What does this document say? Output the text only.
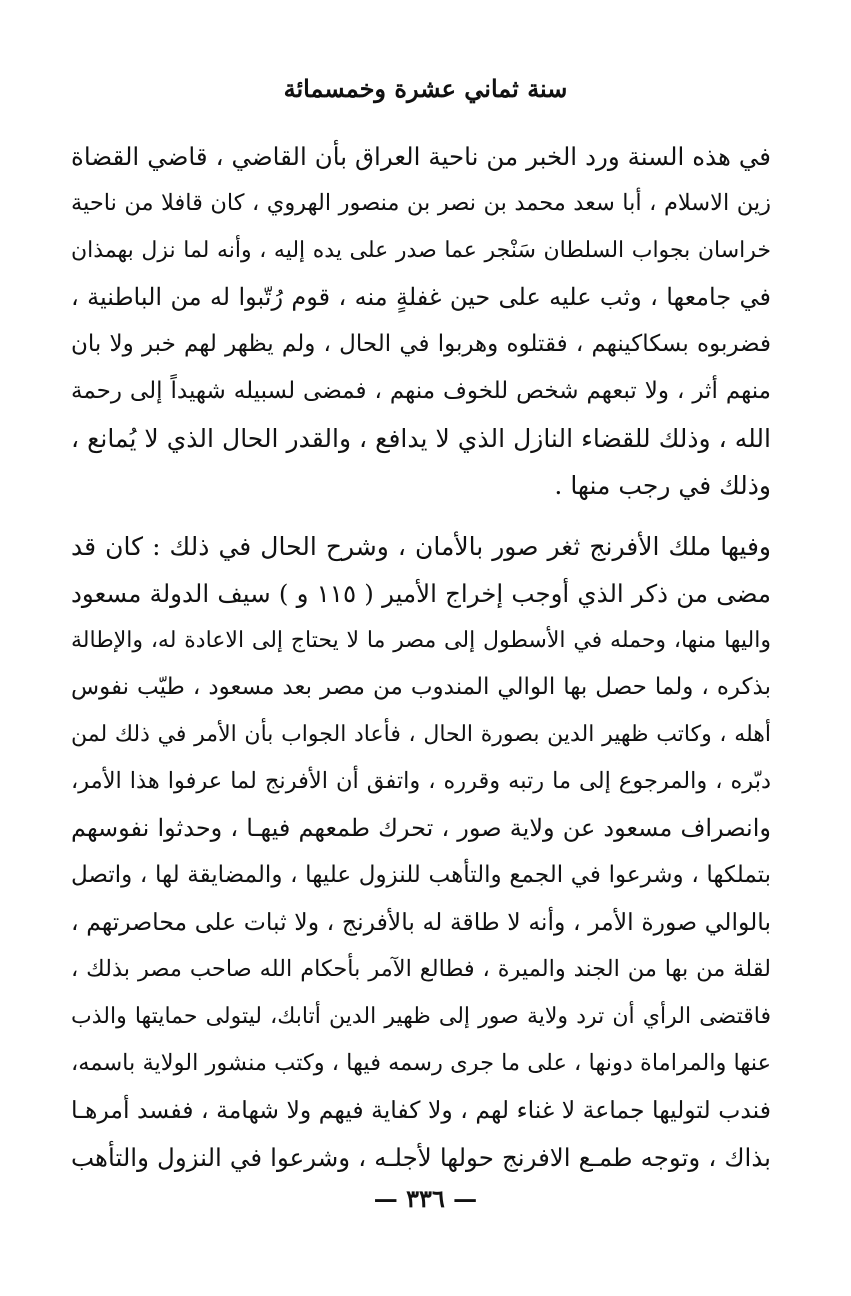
سنة ثماني عشرة وخمسمائة
في هذه السنة ورد الخبر من ناحية العراق بأن القاضي ، قاضي القضاة
زين الاسلام ، أبا سعد محمد بن نصر بن منصور الهروي ، كان قافلا من ناحية
خراسان بجواب السلطان سَنْجر عما صدر على يده إليه ، وأنه لما نزل بهمذان
في جامعها ، وثب عليه على حين غفلةٍ منه ، قوم رُتّبوا له من الباطنية ،
فضربوه بسكاكينهم ، فقتلوه وهربوا في الحال ، ولم يظهر لهم خبر ولا بان
منهم أثر ، ولا تبعهم شخص للخوف منهم ، فمضى لسبيله شهيداً إلى رحمة
الله ، وذلك للقضاء النازل الذي لا يدافع ، والقدر الحال الذي لا يُمانع ،
وذلك في رجب منها .
وفيها ملك الأفرنج ثغر صور بالأمان ، وشرح الحال في ذلك : كان قد
مضى من ذكر الذي أوجب إخراج الأمير ( ١١٥ و ) سيف الدولة مسعود
واليها منها، وحمله في الأسطول إلى مصر ما لا يحتاج إلى الاعادة له، والإطالة
بذكره ، ولما حصل بها الوالي المندوب من مصر بعد مسعود ، طيّب نفوس
أهله ، وكاتب ظهير الدين بصورة الحال ، فأعاد الجواب بأن الأمر في ذلك لمن
دبّره ، والمرجوع إلى ما رتبه وقرره ، واتفق أن الأفرنج لما عرفوا هذا الأمر،
وانصراف مسعود عن ولاية صور ، تحرك طمعهم فيهـا ، وحدثوا نفوسهم
بتملكها ، وشرعوا في الجمع والتأهب للنزول عليها ، والمضايقة لها ، واتصل
بالوالي صورة الأمر ، وأنه لا طاقة له بالأفرنج ، ولا ثبات على محاصرتهم ،
لقلة من بها من الجند والميرة ، فطالع الآمر بأحكام الله صاحب مصر بذلك ،
فاقتضى الرأي أن ترد ولاية صور إلى ظهير الدين أتابك، ليتولى حمايتها والذب
عنها والمراماة دونها ، على ما جرى رسمه فيها ، وكتب منشور الولاية باسمه،
فندب لتوليها جماعة لا غناء لهم ، ولا كفاية فيهم ولا شهامة ، ففسد أمرهـا
بذاك ، وتوجه طمـع الافرنج حولها لأجلـه ، وشرعوا في النزول والتأهب
— ٣٣٦ —
